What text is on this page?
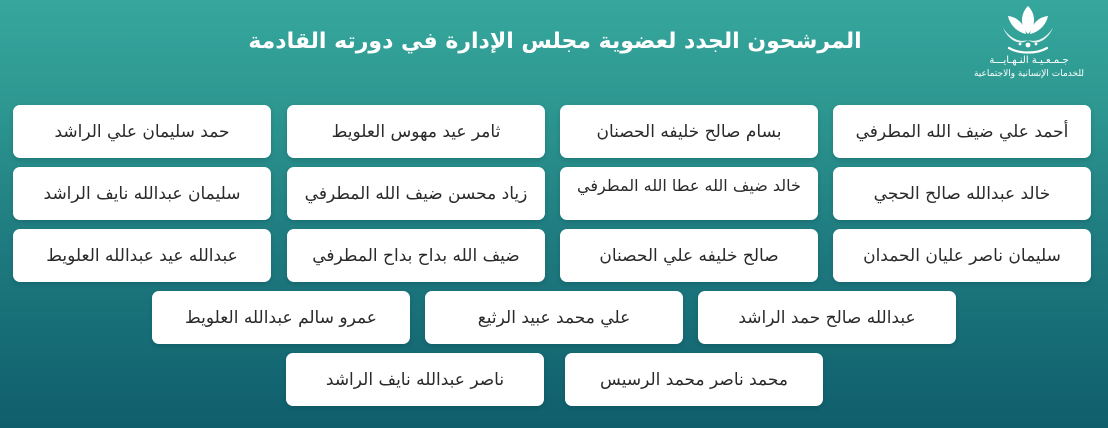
المرشحون الجدد لعضوية مجلس الإدارة في دورته القادمة
جـمـعـيـة النـهـايـــة
للخدمات الإنسانية والاجتماعية
أحمد علي ضيف الله المطرفي
بسام صالح خليفه الحصنان
ثامر عيد مهوس العلويط
حمد سليمان علي الراشد
خالد عبدالله صالح الحجي
خالد ضيف الله عطا الله المطرفي
زياد محسن ضيف الله المطرفي
سليمان عبدالله نايف الراشد
سليمان ناصر عليان الحمدان
صالح خليفه علي الحصنان
ضيف الله بداح بداح المطرفي
عبدالله عيد عبدالله العلويط
عبدالله صالح حمد الراشد
علي محمد عبيد الرثيع
عمرو سالم عبدالله العلويط
محمد ناصر محمد الرسيس
ناصر عبدالله نايف الراشد
